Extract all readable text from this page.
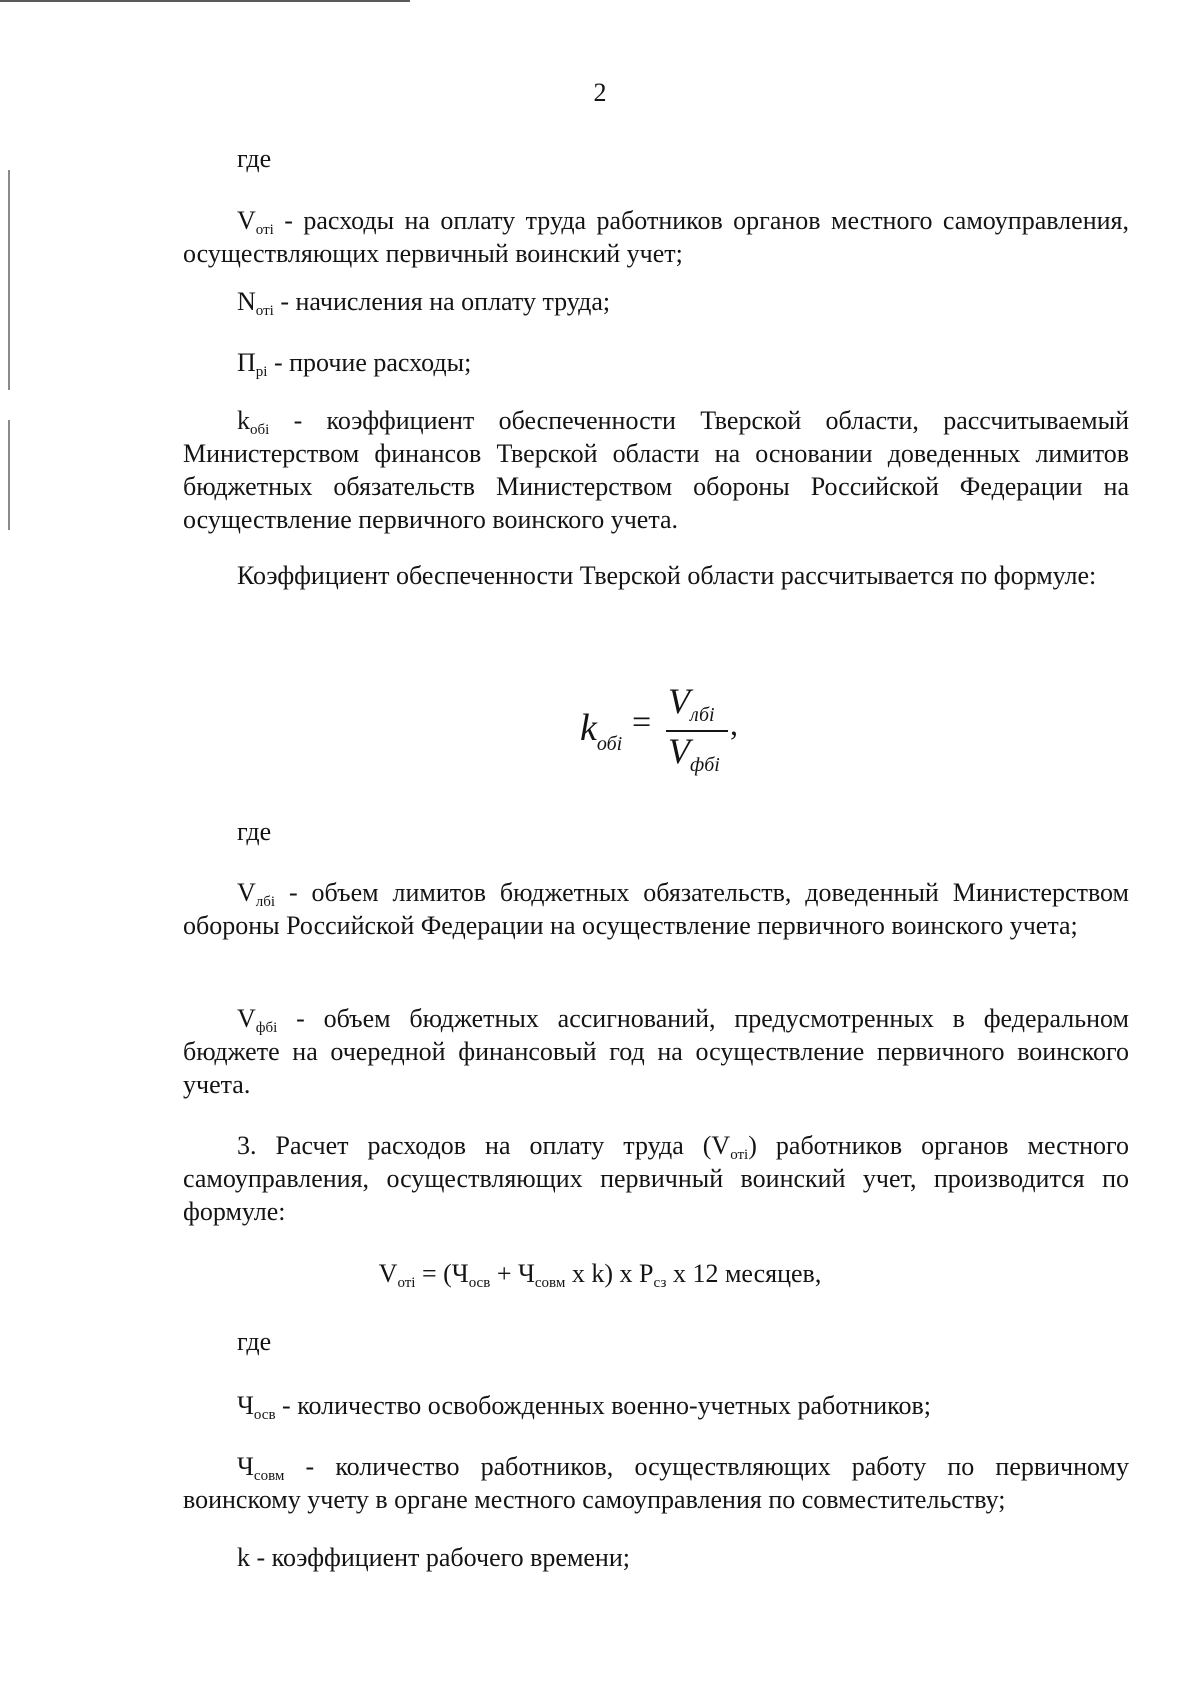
2
где

$V_{оті}$ - расходы на оплату труда работников органов местного самоуправления, осуществляющих первичный воинский учет;

$N_{оті}$ - начисления на оплату труда;

$П_{рі}$ - прочие расходы;

$k_{обі}$ - коэффициент обеспеченности Тверской области, рассчитываемый Министерством финансов Тверской области на основании доведенных лимитов бюджетных обязательств Министерством обороны Российской Федерации на осуществление первичного воинского учета.

Коэффициент обеспеченности Тверской области рассчитывается по формуле:

$k_{обі}$
=
$V_{лбі}$
$V_{фбі}$
,
где

$V_{лбі}$ - объем лимитов бюджетных обязательств, доведенный Министерством обороны Российской Федерации на осуществление первичного воинского учета;

$V_{фбі}$ - объем бюджетных ассигнований, предусмотренных в федеральном бюджете на очередной финансовый год на осуществление первичного воинского учета.

3. Расчет расходов на оплату труда $(V_{оті})$ работников органов местного самоуправления, осуществляющих первичный воинский учет, производится по формуле:

$V_{оті} = (Ч_{осв} + Ч_{совм}$ x k) x $Р_{сз}$ x 12 месяцев,
где

$Ч_{осв}$ - количество освобожденных военно-учетных работников;

$Ч_{совм}$ - количество работников, осуществляющих работу по первичному воинскому учету в органе местного самоуправления по совместительству;

k - коэффициент рабочего времени;
